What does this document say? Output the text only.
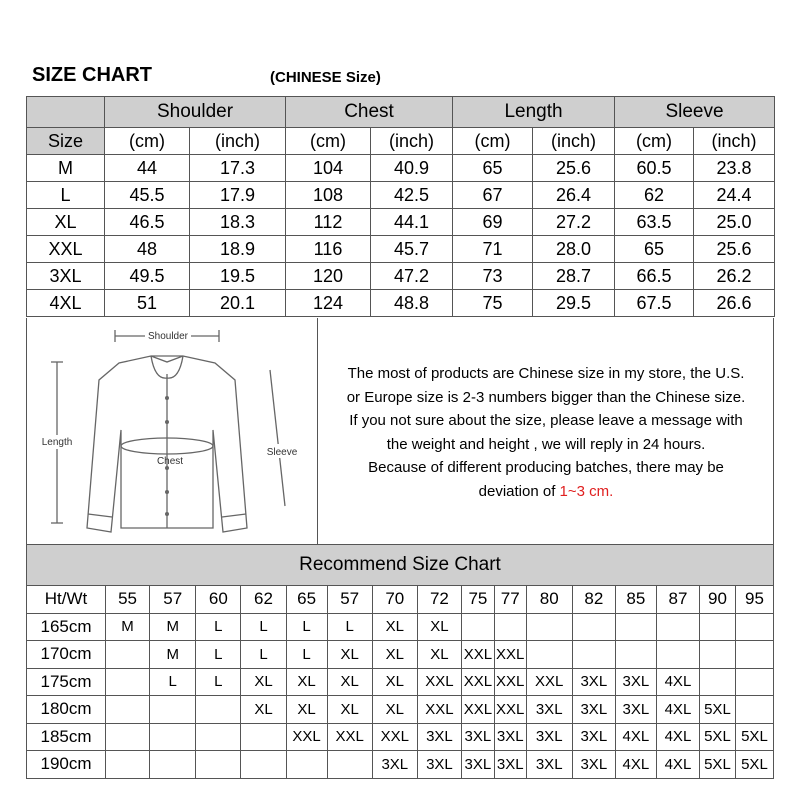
SIZE CHART	(CHINESE Size)
	Shoulder		Chest		Length		Sleeve	
Size	(cm)	(inch)	(cm)	(inch)	(cm)	(inch)	(cm)	(inch)
M	44	17.3	104	40.9	65	25.6	60.5	23.8
L	45.5	17.9	108	42.5	67	26.4	62	24.4
XL	46.5	18.3	112	44.1	69	27.2	63.5	25.0
XXL	48	18.9	116	45.7	71	28.0	65	25.6
3XL	49.5	19.5	120	47.2	73	28.7	66.5	26.2
4XL	51	20.1	124	48.8	75	29.5	67.5	26.6
Shoulder
Length
Chest
Sleeve
The most of products are Chinese size in my store, the U.S.
or Europe size is 2-3 numbers bigger than the Chinese size.
If you not sure about the size, please leave a message with
the weight and height , we will reply in 24 hours.
Because of different producing batches, there may be
deviation of 1~3 cm.
Recommend Size Chart																
Ht/Wt	55	57	60	62	65	57	70	72	75	77	80	82	85	87	90	95
165cm	M	M	L	L	L	L	XL	XL								
170cm		M	L	L	L	XL	XL	XL	XXL	XXL						
175cm		L	L	XL	XL	XL	XL	XXL	XXL	XXL	XXL	3XL	3XL	4XL		
180cm				XL	XL	XL	XL	XXL	XXL	XXL	3XL	3XL	3XL	4XL	5XL	
185cm					XXL	XXL	XXL	3XL	3XL	3XL	3XL	3XL	4XL	4XL	5XL	5XL
190cm							3XL	3XL	3XL	3XL	3XL	3XL	4XL	4XL	5XL	5XL
